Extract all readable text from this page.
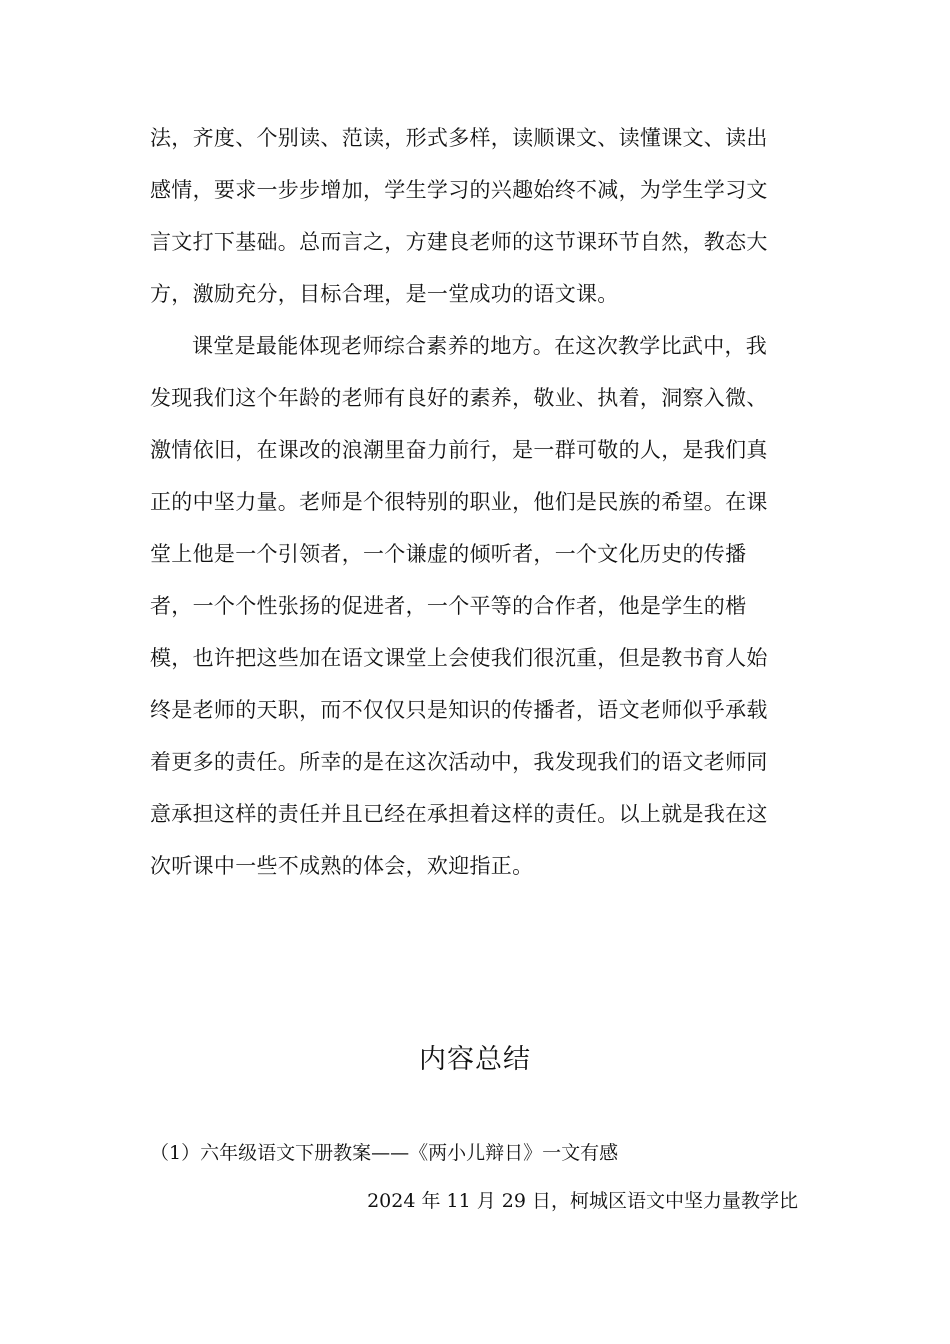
法，齐度、个别读、范读，形式多样，读顺课文、读懂课文、读出
感情，要求一步步增加，学生学习的兴趣始终不减，为学生学习文
言文打下基础。总而言之，方建良老师的这节课环节自然，教态大
方，激励充分，目标合理，是一堂成功的语文课。
课堂是最能体现老师综合素养的地方。在这次教学比武中，我
发现我们这个年龄的老师有良好的素养，敬业、执着，洞察入微、
激情依旧，在课改的浪潮里奋力前行，是一群可敬的人，是我们真
正的中坚力量。老师是个很特别的职业，他们是民族的希望。在课
堂上他是一个引领者，一个谦虚的倾听者，一个文化历史的传播
者，一个个性张扬的促进者，一个平等的合作者，他是学生的楷
模，也许把这些加在语文课堂上会使我们很沉重，但是教书育人始
终是老师的天职，而不仅仅只是知识的传播者，语文老师似乎承载
着更多的责任。所幸的是在这次活动中，我发现我们的语文老师同
意承担这样的责任并且已经在承担着这样的责任。以上就是我在这
次听课中一些不成熟的体会，欢迎指正。
内容总结
（1）六年级语文下册教案——《两小儿辩日》一文有感
2024 年 11 月 29 日，柯城区语文中坚力量教学比
